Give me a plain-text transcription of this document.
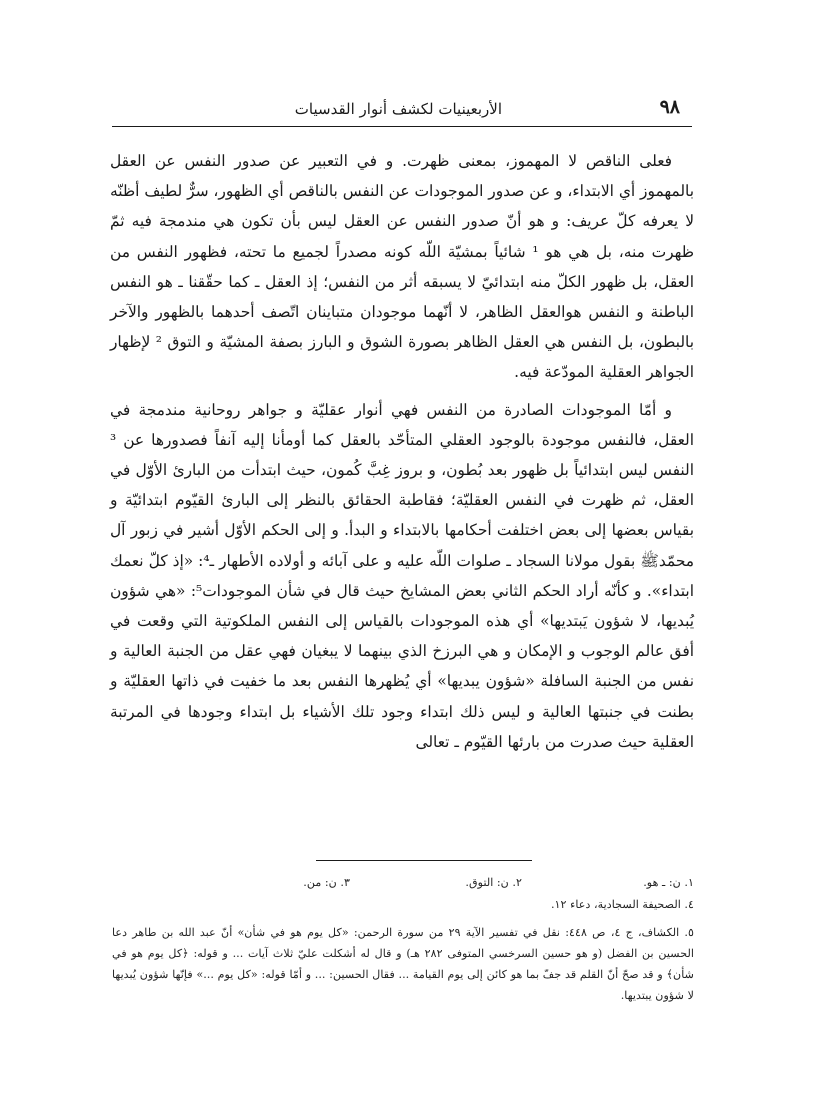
٩٨
الأربعينيات لكشف أنوار القدسيات

فعلى الناقص لا المهموز، بمعنى ظهرت. و في التعبير عن صدور النفس عن العقل بالمهموز أي الابتداء، و عن صدور الموجودات عن النفس بالناقص أي الظهور، سرٌّ لطيف أظنّه لا يعرفه كلّ عريف: و هو أنّ صدور النفس عن العقل ليس بأن تكون هي مندمجة فيه ثمّ ظهرت منه، بل هي هو ¹ شائياً بمشيّة اللّه كونه مصدراً لجميع ما تحته، فظهور النفس من العقل، بل ظهور الكلّ منه ابتدائيّ لا يسبقه أثر من النفس؛ إذ العقل ـ كما حقّقنا ـ هو النفس الباطنة و النفس هوالعقل الظاهر، لا أنّهما موجودان متباينان اتّصف أحدهما بالظهور والآخر بالبطون، بل النفس هي العقل الظاهر بصورة الشوق و البارز بصفة المشيّة و التوق ² لإظهار الجواهر العقلية المودّعة فيه.

و أمّا الموجودات الصادرة من النفس فهي أنوار عقليّة و جواهر روحانية مندمجة في العقل، فالنفس موجودة بالوجود العقلي المتأحّد بالعقل كما أومأنا إليه آنفاً فصدورها عن ³ النفس ليس ابتدائياً بل ظهور بعد بُطون، و بروز غِبَّ كُمون، حيث ابتدأت من البارئ الأوّل في العقل، ثم ظهرت في النفس العقليّة؛ فقاطبة الحقائق بالنظر إلى البارئ القيّوم ابتدائيّة و بقياس بعضها إلى بعض اختلفت أحكامها بالابتداء و البدأ. و إلى الحكم الأوّل أشير في زبور آل محمّدﷺ بقول مولانا السجاد ـ صلوات اللّه عليه و على آبائه و أولاده الأطهار ـ⁴: «إذ كلّ نعمك ابتداء». و كأنّه أراد الحكم الثاني بعض المشايخ حيث قال في شأن الموجودات⁵: «هي شؤون يُبديها، لا شؤون يَبتديها» أي هذه الموجودات بالقياس إلى النفس الملكوتية التي وقعت في أفق عالم الوجوب و الإمكان و هي البرزخ الذي بينهما لا يبغيان فهي عقل من الجنبة العالية و نفس من الجنبة السافلة «شؤون يبديها» أي يُظهرها النفس بعد ما خفيت في ذاتها العقليّة و بطنت في جنبتها العالية و ليس ذلك ابتداء وجود تلك الأشياء بل ابتداء وجودها في المرتبة العقلية حيث صدرت من بارئها القيّوم ـ تعالى

١. ن: ـ هو.
٢. ن: التوق.
٣. ن: من.

٤. الصحيفة السجادية، دعاء ١٢.

٥. الكشاف، ج ٤، ص ٤٤٨: نقل في تفسير الآية ٢٩ من سورة الرحمن: «كل يوم هو في شأن» أنّ عبد الله بن طاهر دعا الحسين بن الفضل (و هو حسين السرخسي المتوفى ٢٨٢ هـ) و قال له أشكلت عليّ ثلاث آيات ... و قوله: ﴿كل يوم هو في شأن﴾ و قد صحّ أنّ القلم قد جفّ بما هو كائن إلى يوم القيامة ... فقال الحسين: ... و أمّا قوله: «كل يوم ...» فإنّها شؤون يُبديها لا شؤون يبتديها.
